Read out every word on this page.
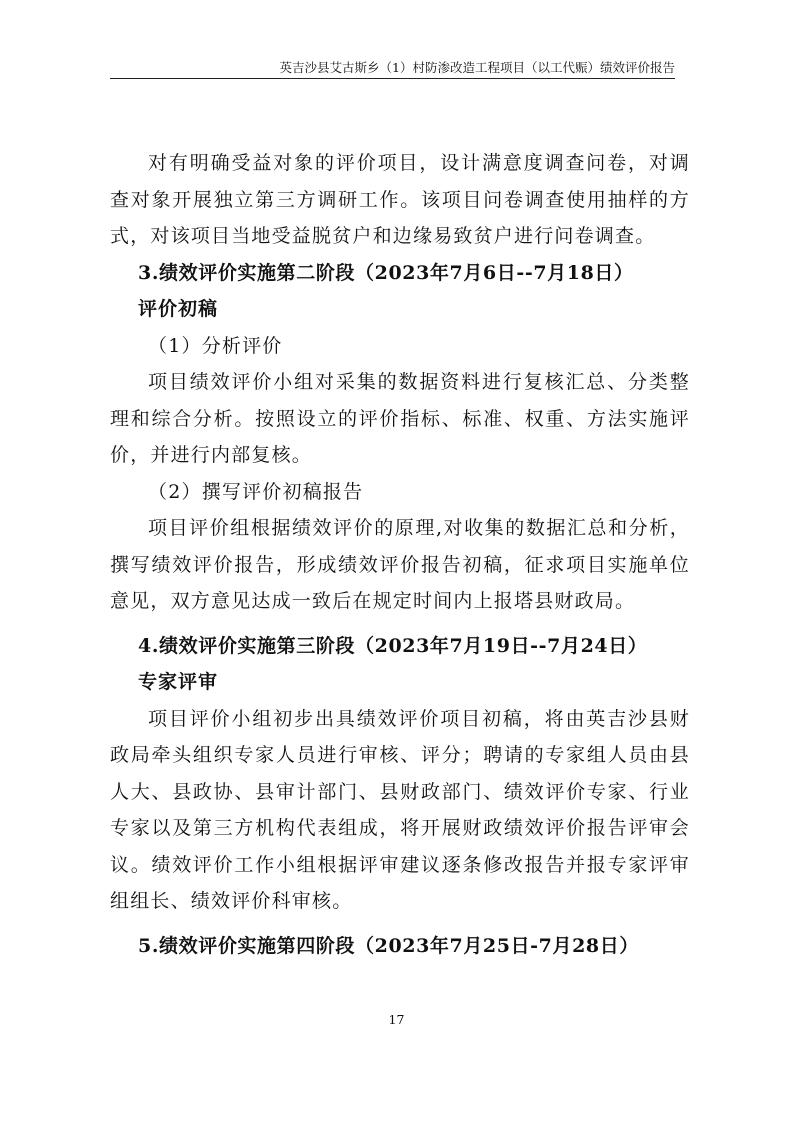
英吉沙县艾古斯乡（1）村防渗改造工程项目（以工代赈）绩效评价报告

对有明确受益对象的评价项目，设计满意度调查问卷，对调查对象开展独立第三方调研工作。该项目问卷调查使用抽样的方式，对该项目当地受益脱贫户和边缘易致贫户进行问卷调查。

3.绩效评价实施第二阶段（2023年7月6日--7月18日）

评价初稿

（1）分析评价

项目绩效评价小组对采集的数据资料进行复核汇总、分类整理和综合分析。按照设立的评价指标、标准、权重、方法实施评价，并进行内部复核。

（2）撰写评价初稿报告

项目评价组根据绩效评价的原理,对收集的数据汇总和分析，撰写绩效评价报告，形成绩效评价报告初稿，征求项目实施单位意见，双方意见达成一致后在规定时间内上报塔县财政局。

4.绩效评价实施第三阶段（2023年7月19日--7月24日）

专家评审

项目评价小组初步出具绩效评价项目初稿，将由英吉沙县财政局牵头组织专家人员进行审核、评分；聘请的专家组人员由县人大、县政协、县审计部门、县财政部门、绩效评价专家、行业专家以及第三方机构代表组成，将开展财政绩效评价报告评审会议。绩效评价工作小组根据评审建议逐条修改报告并报专家评审组组长、绩效评价科审核。

5.绩效评价实施第四阶段（2023年7月25日-7月28日）

17
